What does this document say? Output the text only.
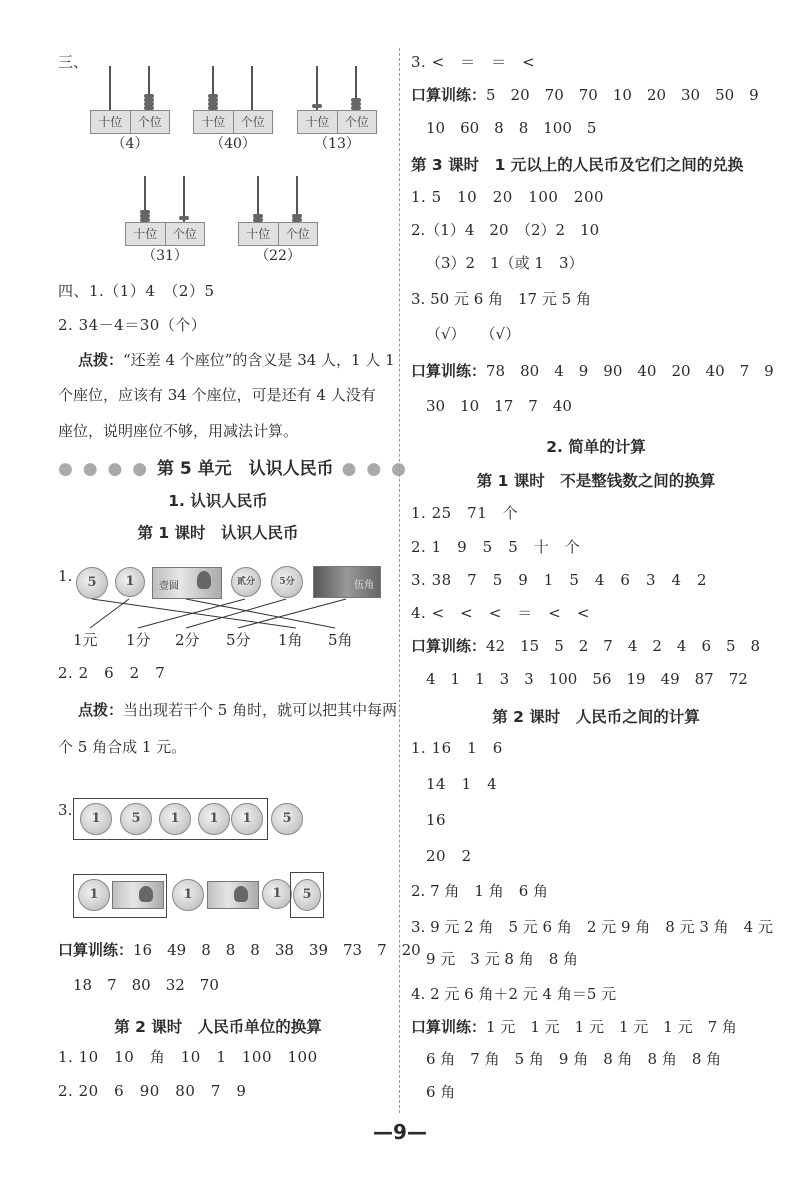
三、
十位	个位
（4）
十位	个位
（40）
十位	个位
（13）
十位	个位
（31）
十位	个位
（22）
四、1.（1）4　（2）5
2. 34－4＝30（个）
点拨：“还差 4 个座位”的含义是 34 人，1 人 1
个座位，应该有 34 个座位，可是还有 4 人没有
座位，说明座位不够，用减法计算。
● ● ● ● 第 5 单元　认识人民币 ● ● ●
1. 认识人民币
第 1 课时　认识人民币
1.	5	1	壹圆	贰分	5分	伍角
1元 1分 2分 5分 1角 5角
2. 2　6　2　7
点拨：当出现若干个 5 角时，就可以把其中每两
个 5 角合成 1 元。
3.	1	5	1	1	1	5
1	1	1	5
口算训练：16　49　8　8　8　38　39　73　7　20
18　7　80　32　70
第 2 课时　人民币单位的换算
1. 10　10　角　10　1　100　100
2. 20　6　90　80　7　9
3. <　＝　＝　<
口算训练：5　20　70　70　10　20　30　50　9
10　60　8　8　100　5
第 3 课时　1 元以上的人民币及它们之间的兑换
1. 5　10　20　100　200
2.（1）4　20　（2）2　10
（3）2　1（或 1　3）
3. 50 元 6 角　17 元 5 角
（√）　　（√）
口算训练：78　80　4　9　90　40　20　40　7　9
30　10　17　7　40
2. 简单的计算
第 1 课时　不是整钱数之间的换算
1. 25　71　个
2. 1　9　5　5　十　个
3. 38　7　5　9　1　5　4　6　3　4　2
4. <　<　<　＝　<　<
口算训练：42　15　5　2　7　4　2　4　6　5　8
4　1　1　3　3　100　56　19　49　87　72
第 2 课时　人民币之间的计算
1. 16　1　6
14　1　4
16
20　2
2. 7 角　1 角　6 角
3. 9 元 2 角　5 元 6 角　2 元 9 角　8 元 3 角　4 元
9 元　3 元 8 角　8 角
4. 2 元 6 角＋2 元 4 角＝5 元
口算训练：1 元　1 元　1 元　1 元　1 元　7 角
6 角　7 角　5 角　9 角　8 角　8 角　8 角
6 角
—9—
